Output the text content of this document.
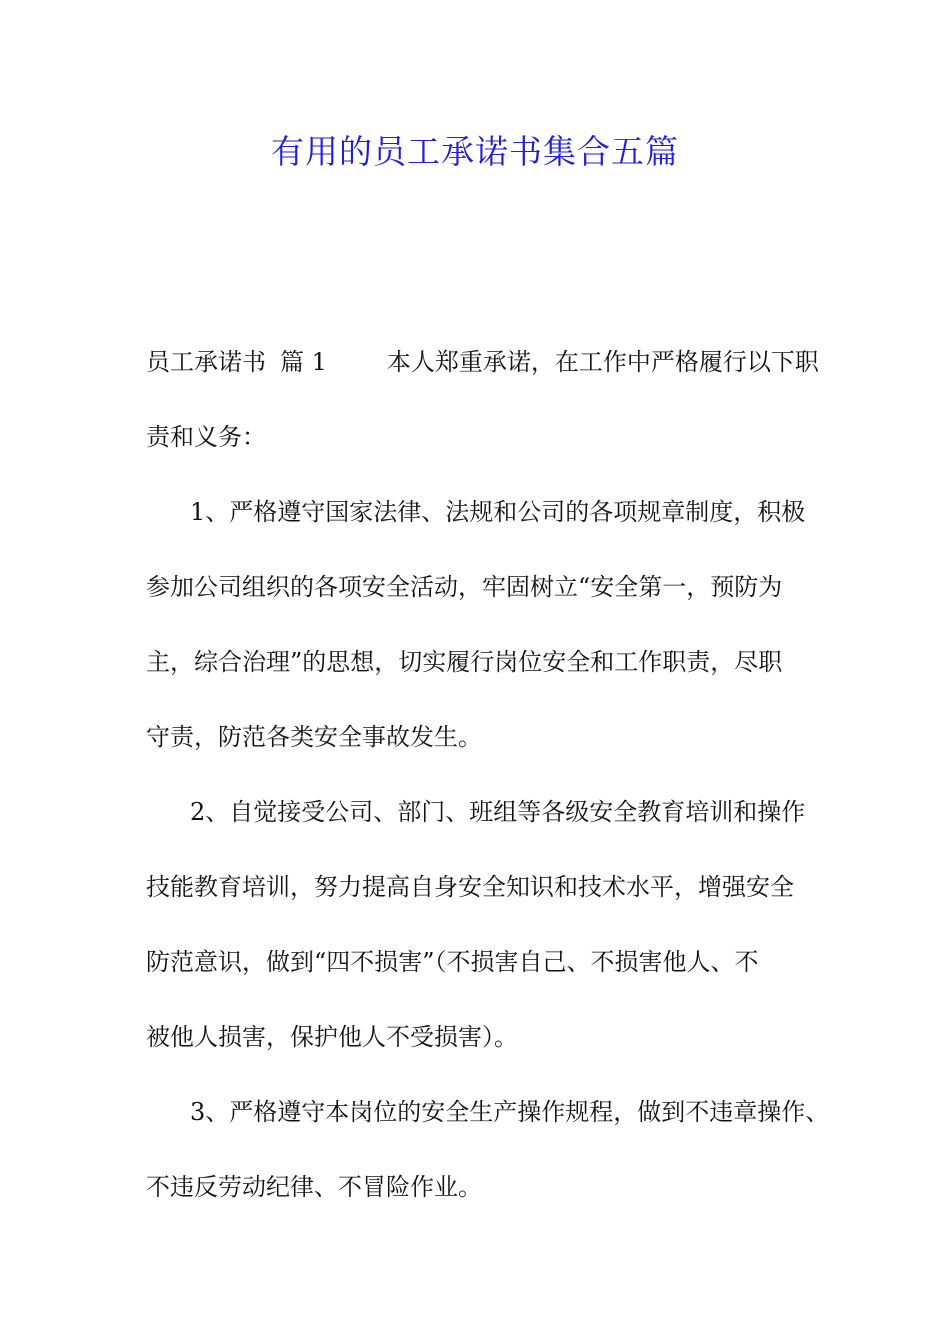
有用的员工承诺书集合五篇
员工承诺书 篇 1	本人郑重承诺，在工作中严格履行以下职
责和义务：
1、严格遵守国家法律、法规和公司的各项规章制度，积极
参加公司组织的各项安全活动，牢固树立“安全第一，预防为
主，综合治理”的思想，切实履行岗位安全和工作职责，尽职
守责，防范各类安全事故发生。
2、自觉接受公司、部门、班组等各级安全教育培训和操作
技能教育培训，努力提高自身安全知识和技术水平，增强安全
防范意识，做到“四不损害”（不损害自己、不损害他人、不
被他人损害，保护他人不受损害）。
3、严格遵守本岗位的安全生产操作规程，做到不违章操作、
不违反劳动纪律、不冒险作业。
